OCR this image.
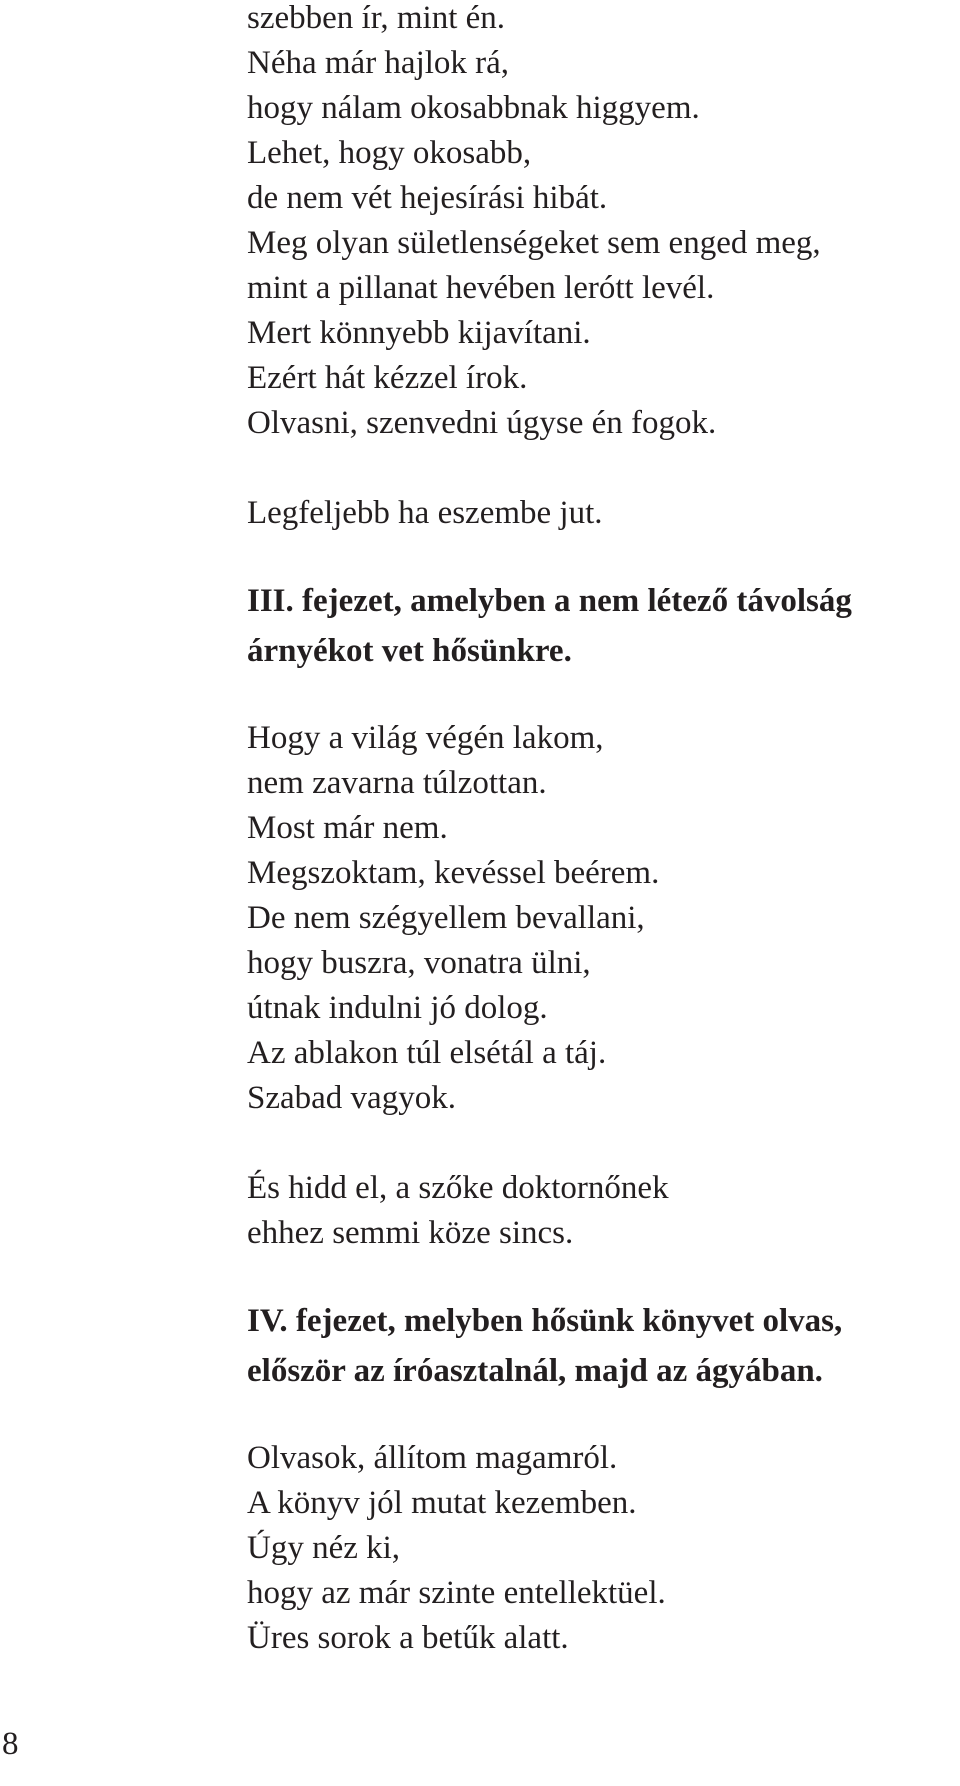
szebben ír, mint én.
Néha már hajlok rá,
hogy nálam okosabbnak higgyem.
Lehet, hogy okosabb,
de nem vét hejesírási hibát.
Meg olyan sületlenségeket sem enged meg,
mint a pillanat hevében lerótt levél.
Mert könnyebb kijavítani.
Ezért hát kézzel írok.
Olvasni, szenvedni úgyse én fogok.
Legfeljebb ha eszembe jut.
III. fejezet, amelyben a nem létező távolság
árnyékot vet hősünkre.
Hogy a világ végén lakom,
nem zavarna túlzottan.
Most már nem.
Megszoktam, kevéssel beérem.
De nem szégyellem bevallani,
hogy buszra, vonatra ülni,
útnak indulni jó dolog.
Az ablakon túl elsétál a táj.
Szabad vagyok.
És hidd el, a szőke doktornőnek
ehhez semmi köze sincs.
IV. fejezet, melyben hősünk könyvet olvas,
először az íróasztalnál, majd az ágyában.
Olvasok, állítom magamról.
A könyv jól mutat kezemben.
Úgy néz ki,
hogy az már szinte entellektüel.
Üres sorok a betűk alatt.
8
